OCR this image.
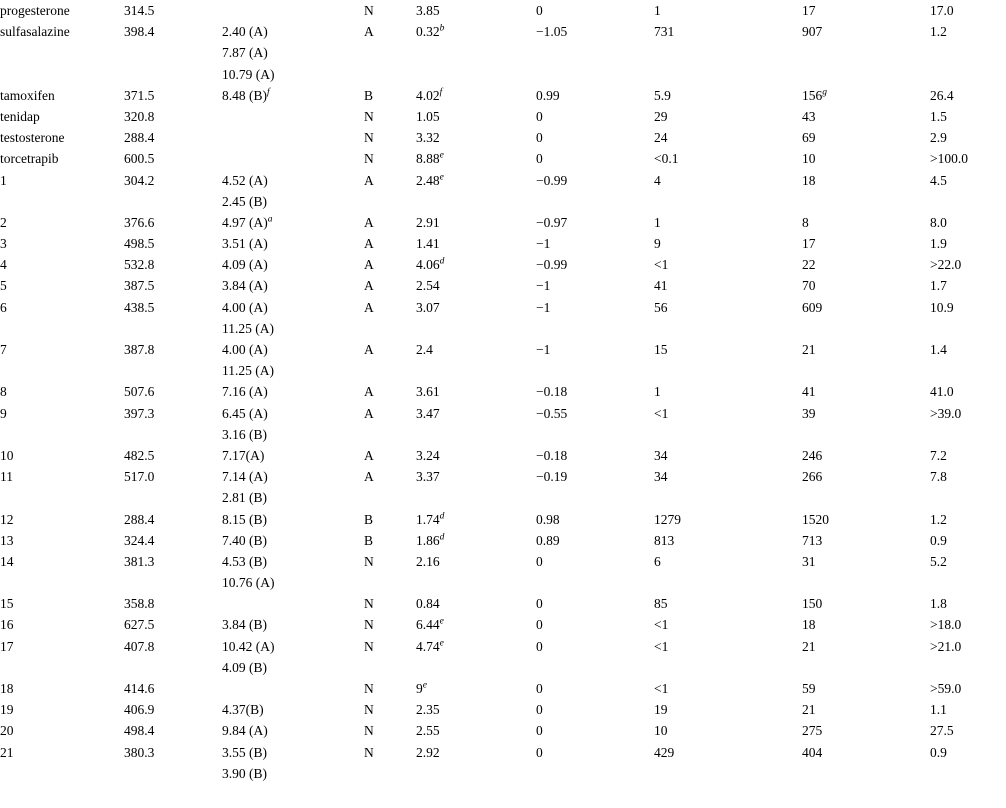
progesterone	314.5		N	3.85	0	1	17	17.0

sulfasalazine	398.4	2.40 (A)
7.87 (A)
10.79 (A)	A	0.32$^b$	−1.05	731	907	1.2

tamoxifen	371.5	8.48 $(B)^f$	B	4.02$^f$	0.99	5.9	156$^g$	26.4

tenidap	320.8		N	1.05	0	29	43	1.5

testosterone	288.4		N	3.32	0	24	69	2.9

torcetrapib	600.5		N	8.88e	0	<0.1	10	>100.0

1	304.2	4.52 (A)
2.45 (B)	A	2.48$^e$	−0.99	4	18	4.5

2	376.6	4.97 $(A)^a$	A	2.91	−0.97	1	8	8.0

3	498.5	3.51 (A)	A	1.41	−1	9	17	1.9

4	532.8	4.09 (A)	A	4.06$^d$	−0.99	<1	22	>22.0

5	387.5	3.84 (A)	A	2.54	−1	41	70	1.7

6	438.5	4.00 (A)
11.25 (A)	A	3.07	−1	56	609	10.9

7	387.8	4.00 (A)
11.25 (A)	A	2.4	−1	15	21	1.4

8	507.6	7.16 (A)	A	3.61	−0.18	1	41	41.0

9	397.3	6.45 (A)
3.16 (B)	A	3.47	−0.55	<1	39	>39.0

10	482.5	7.17(A)	A	3.24	−0.18	34	246	7.2

11	517.0	7.14 (A)
2.81 (B)	A	3.37	−0.19	34	266	7.8

12	288.4	8.15 (B)	B	1.74$^d$	0.98	1279	1520	1.2

13	324.4	7.40 (B)	B	1.86$^d$	0.89	813	713	0.9

14	381.3	4.53 (B)
10.76 (A)	N	2.16	0	6	31	5.2

15	358.8		N	0.84	0	85	150	1.8

16	627.5	3.84 (B)	N	6.44e	0	<1	18	>18.0

17	407.8	10.42 (A)
4.09 (B)	N	4.74e	0	<1	21	>21.0

18	414.6		N	9e	0	<1	59	>59.0

19	406.9	4.37(B)	N	2.35	0	19	21	1.1

20	498.4	9.84 (A)	N	2.55	0	10	275	27.5

21	380.3	3.55 (B)
3.90 (B)	N	2.92	0	429	404	0.9
